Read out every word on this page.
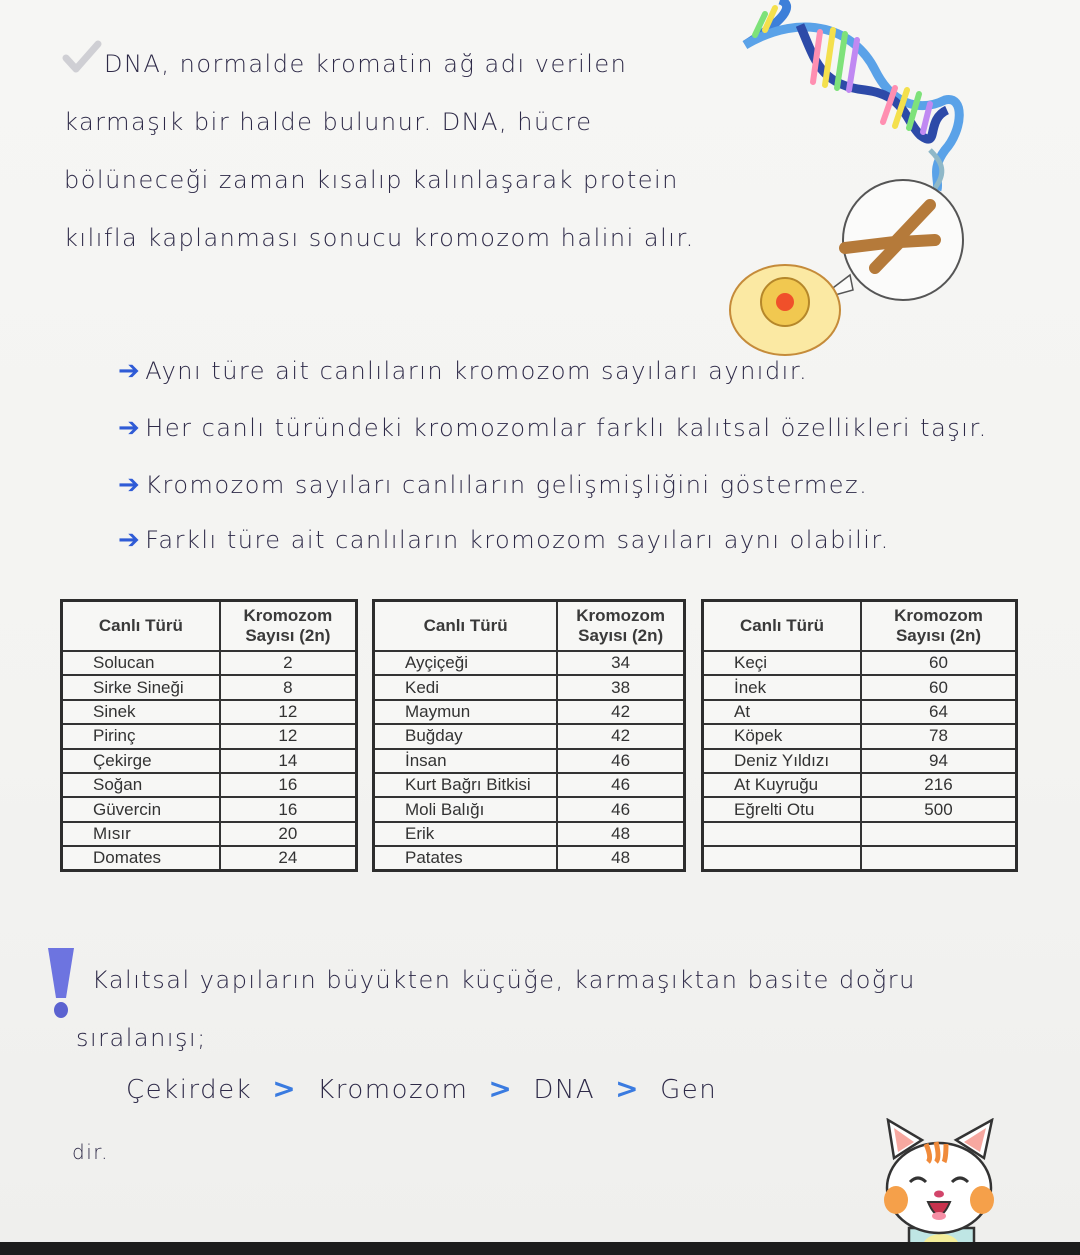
DNA, normalde kromatin ağ adı verilen
karmaşık bir halde bulunur. DNA, hücre
bölüneceği zaman kısalıp kalınlaşarak protein
kılıfla kaplanması sonucu kromozom halini alır.
➔ Aynı türe ait canlıların kromozom sayıları aynıdır.
➔ Her canlı türündeki kromozomlar farklı kalıtsal özellikleri taşır.
➔ Kromozom sayıları canlıların gelişmişliğini göstermez.
➔ Farklı türe ait canlıların kromozom sayıları aynı olabilir.
Canlı Türü	Kromozom
Sayısı (2n)
Solucan	2
Sirke Sineği	8
Sinek	12
Pirinç	12
Çekirge	14
Soğan	16
Güvercin	16
Mısır	20
Domates	24
Canlı Türü	Kromozom
Sayısı (2n)
Ayçiçeği	34
Kedi	38
Maymun	42
Buğday	42
İnsan	46
Kurt Bağrı Bitkisi	46
Moli Balığı	46
Erik	48
Patates	48
Canlı Türü	Kromozom
Sayısı (2n)
Keçi	60
İnek	60
At	64
Köpek	78
Deniz Yıldızı	94
At Kuyruğu	216
Eğrelti Otu	500

Kalıtsal yapıların büyükten küçüğe, karmaşıktan basite doğru
sıralanışı;
Çekirdek > Kromozom > DNA > Gen
dir.
